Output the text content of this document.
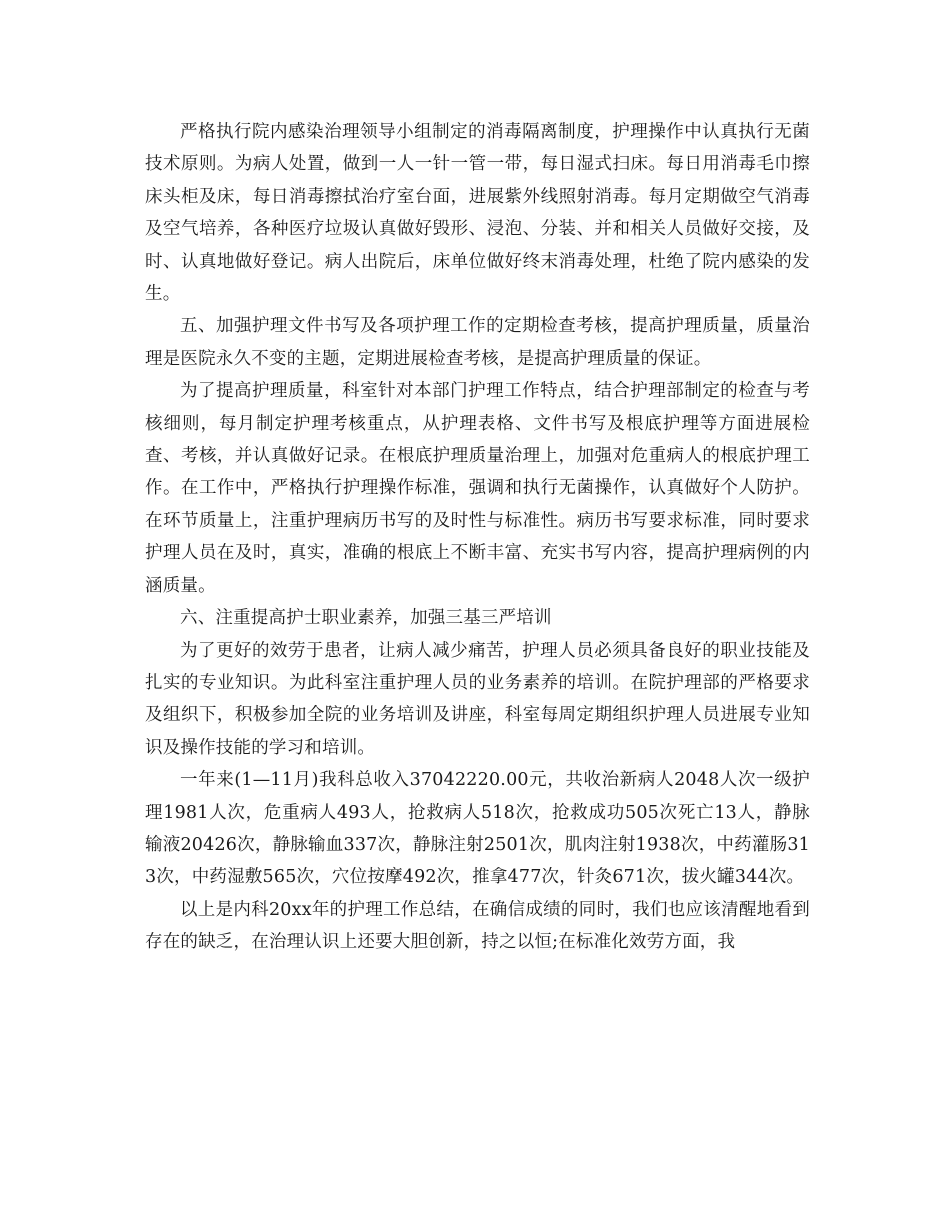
严格执行院内感染治理领导小组制定的消毒隔离制度，护理操作中认真执行无菌技术原则。为病人处置，做到一人一针一管一带，每日湿式扫床。每日用消毒毛巾擦床头柜及床，每日消毒擦拭治疗室台面，进展紫外线照射消毒。每月定期做空气消毒及空气培养，各种医疗垃圾认真做好毁形、浸泡、分装、并和相关人员做好交接，及时、认真地做好登记。病人出院后，床单位做好终末消毒处理，杜绝了院内感染的发生。

五、加强护理文件书写及各项护理工作的定期检查考核，提高护理质量，质量治理是医院永久不变的主题，定期进展检查考核，是提高护理质量的保证。

为了提高护理质量，科室针对本部门护理工作特点，结合护理部制定的检查与考核细则，每月制定护理考核重点，从护理表格、文件书写及根底护理等方面进展检查、考核，并认真做好记录。在根底护理质量治理上，加强对危重病人的根底护理工作。在工作中，严格执行护理操作标准，强调和执行无菌操作，认真做好个人防护。在环节质量上，注重护理病历书写的及时性与标准性。病历书写要求标准，同时要求护理人员在及时，真实，准确的根底上不断丰富、充实书写内容，提高护理病例的内涵质量。

六、注重提高护士职业素养，加强三基三严培训

为了更好的效劳于患者，让病人减少痛苦，护理人员必须具备良好的职业技能及扎实的专业知识。为此科室注重护理人员的业务素养的培训。在院护理部的严格要求及组织下，积极参加全院的业务培训及讲座，科室每周定期组织护理人员进展专业知识及操作技能的学习和培训。

一年来(1—11月)我科总收入37042220.00元，共收治新病人2048人次一级护理1981人次，危重病人493人，抢救病人518次，抢救成功505次死亡13人，静脉输液20426次，静脉输血337次，静脉注射2501次，肌肉注射1938次，中药灌肠313次，中药湿敷565次，穴位按摩492次，推拿477次，针灸671次，拔火罐344次。

以上是内科20xx年的护理工作总结，在确信成绩的同时，我们也应该清醒地看到存在的缺乏，在治理认识上还要大胆创新，持之以恒;在标准化效劳方面，我
